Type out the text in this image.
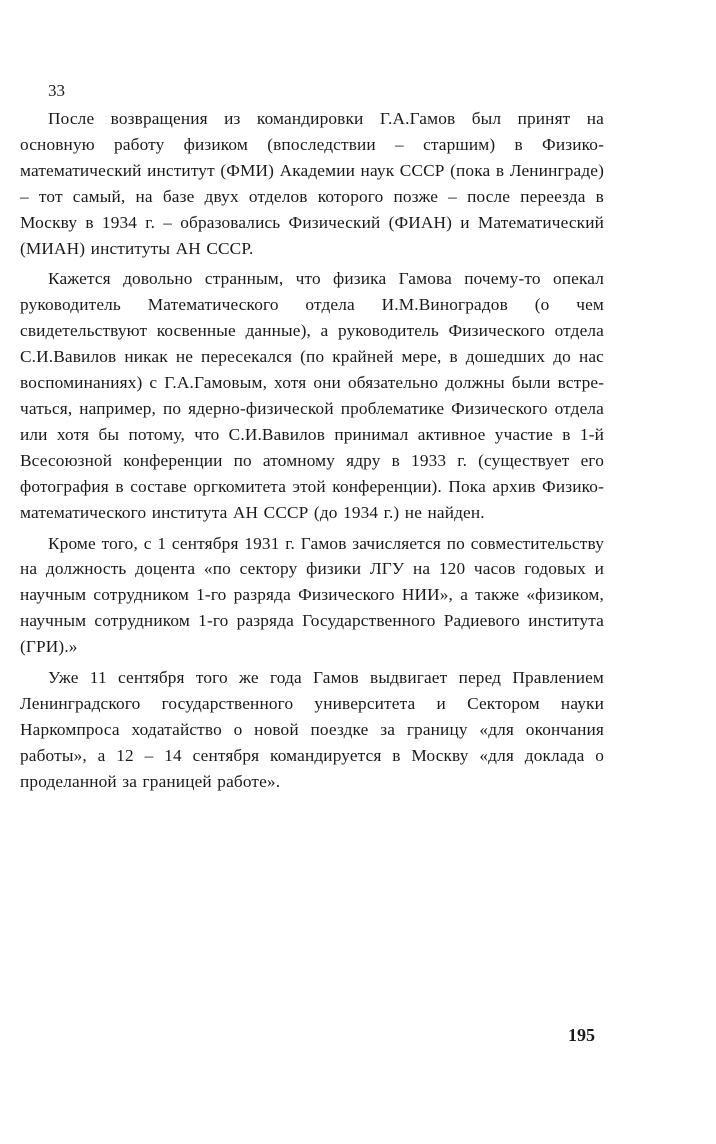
33

После возвращения из командировки Г.А.Гамов был принят на основную работу физиком (впоследствии – старшим) в Физико-математический институт (ФМИ) Академии наук СССР (пока в Ленинграде) – тот самый, на базе двух отделов которого позже – после переезда в Москву в 1934 г. – образовались Физический (ФИАН) и Математический (МИАН) институты АН СССР.

Кажется довольно странным, что физика Гамова почему-то опекал руководитель Математического отдела И.М.Виноградов (о чем свидетельствуют косвенные данные), а руководитель Физического отдела С.И.Вавилов никак не пересекался (по крайней мере, в дошедших до нас воспоминаниях) с Г.А.Гамовым, хотя они обязательно должны были встречаться, например, по ядерно-физической проблематике Физического отдела или хотя бы потому, что С.И.Вавилов принимал активное участие в 1-й Всесоюзной конференции по атомному ядру в 1933 г. (существует его фотография в составе оргкомитета этой конференции). Пока архив Физико-математического института АН СССР (до 1934 г.) не найден.

Кроме того, с 1 сентября 1931 г. Гамов зачисляется по совместительству на должность доцента «по сектору физики ЛГУ на 120 часов годовых и научным сотрудником 1-го разряда Физического НИИ», а также «физиком, научным сотрудником 1-го разряда Государственного Радиевого института (ГРИ).»

Уже 11 сентября того же года Гамов выдвигает перед Правлением Ленинградского государственного университета и Сектором науки Наркомпроса ходатайство о новой поездке за границу «для окончания работы», а 12 – 14 сентября командируется в Москву «для доклада о проделанной за границей работе».

195
